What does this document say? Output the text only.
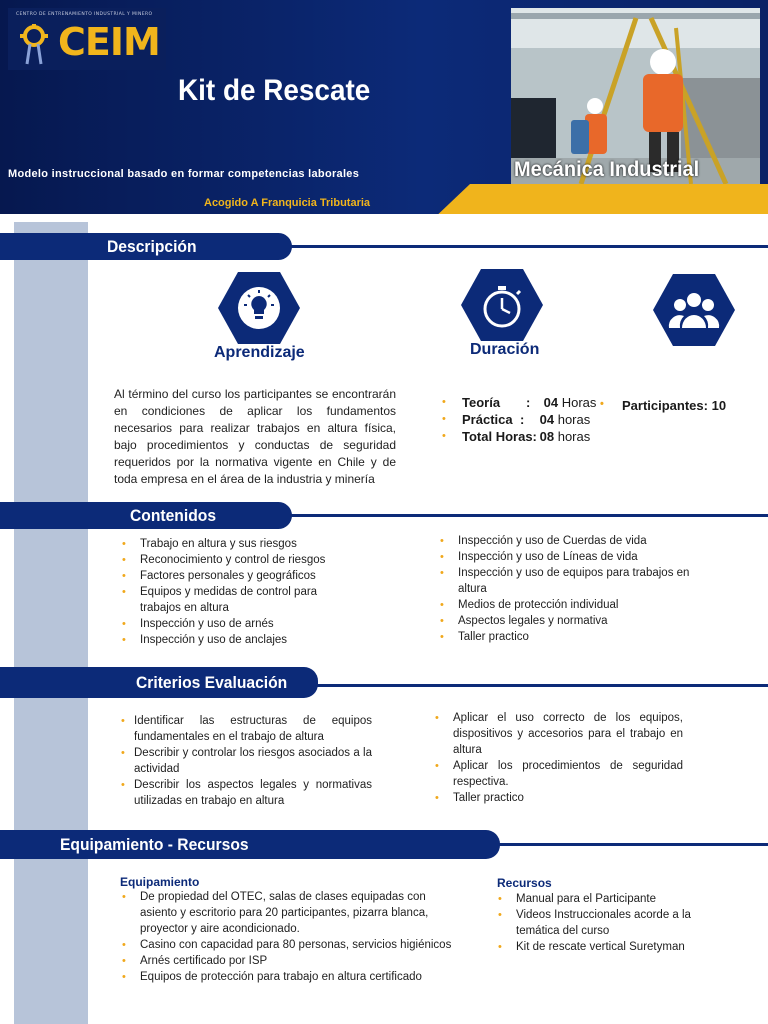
CENTRO DE ENTRENAMIENTO INDUSTRIAL Y MINERO
CEIM
Kit de Rescate
Modelo instruccional basado en formar competencias laborales	Mecánica Industrial
Acogido A Franquicia Tributaria
Descripción
Aprendizaje	Duración
Al término del curso los participantes se encontrarán en condiciones de aplicar los fundamentos necesarios para realizar trabajos en altura física, bajo procedimientos y conductas de seguridad requeridos por la normativa vigente en Chile y de toda empresa en el área de la industria y minería
• Teoría : 04 Horas
• Práctica : 04 horas
• Total Horas: 08 horas
• Participantes: 10
Contenidos
• Trabajo en altura y sus riesgos
• Reconocimiento y control de riesgos
• Factores personales y geográficos
• Equipos y medidas de control para trabajos en altura
• Inspección y uso de arnés
• Inspección y uso de anclajes
• Inspección y uso de Cuerdas de vida
• Inspección y uso de Líneas de vida
• Inspección y uso de equipos para trabajos en altura
• Medios de protección individual
• Aspectos legales y normativa
• Taller practico
Criterios Evaluación
• Identificar las estructuras de equipos fundamentales en el trabajo de altura
• Describir y controlar los riesgos asociados a la actividad
• Describir los aspectos legales y normativas utilizadas en trabajo en altura
• Aplicar el uso correcto de los equipos, dispositivos y accesorios para el trabajo en altura
• Aplicar los procedimientos de seguridad respectiva.
• Taller practico
Equipamiento - Recursos
Equipamiento
• De propiedad del OTEC, salas de clases equipadas con asiento y escritorio para 20 participantes, pizarra blanca, proyector y aire acondicionado.
• Casino con capacidad para 80 personas, servicios higiénicos
• Arnés certificado por ISP
• Equipos de protección para trabajo en altura certificado
Recursos
• Manual para el Participante
• Videos Instruccionales acorde a la temática del curso
• Kit de rescate vertical Suretyman
